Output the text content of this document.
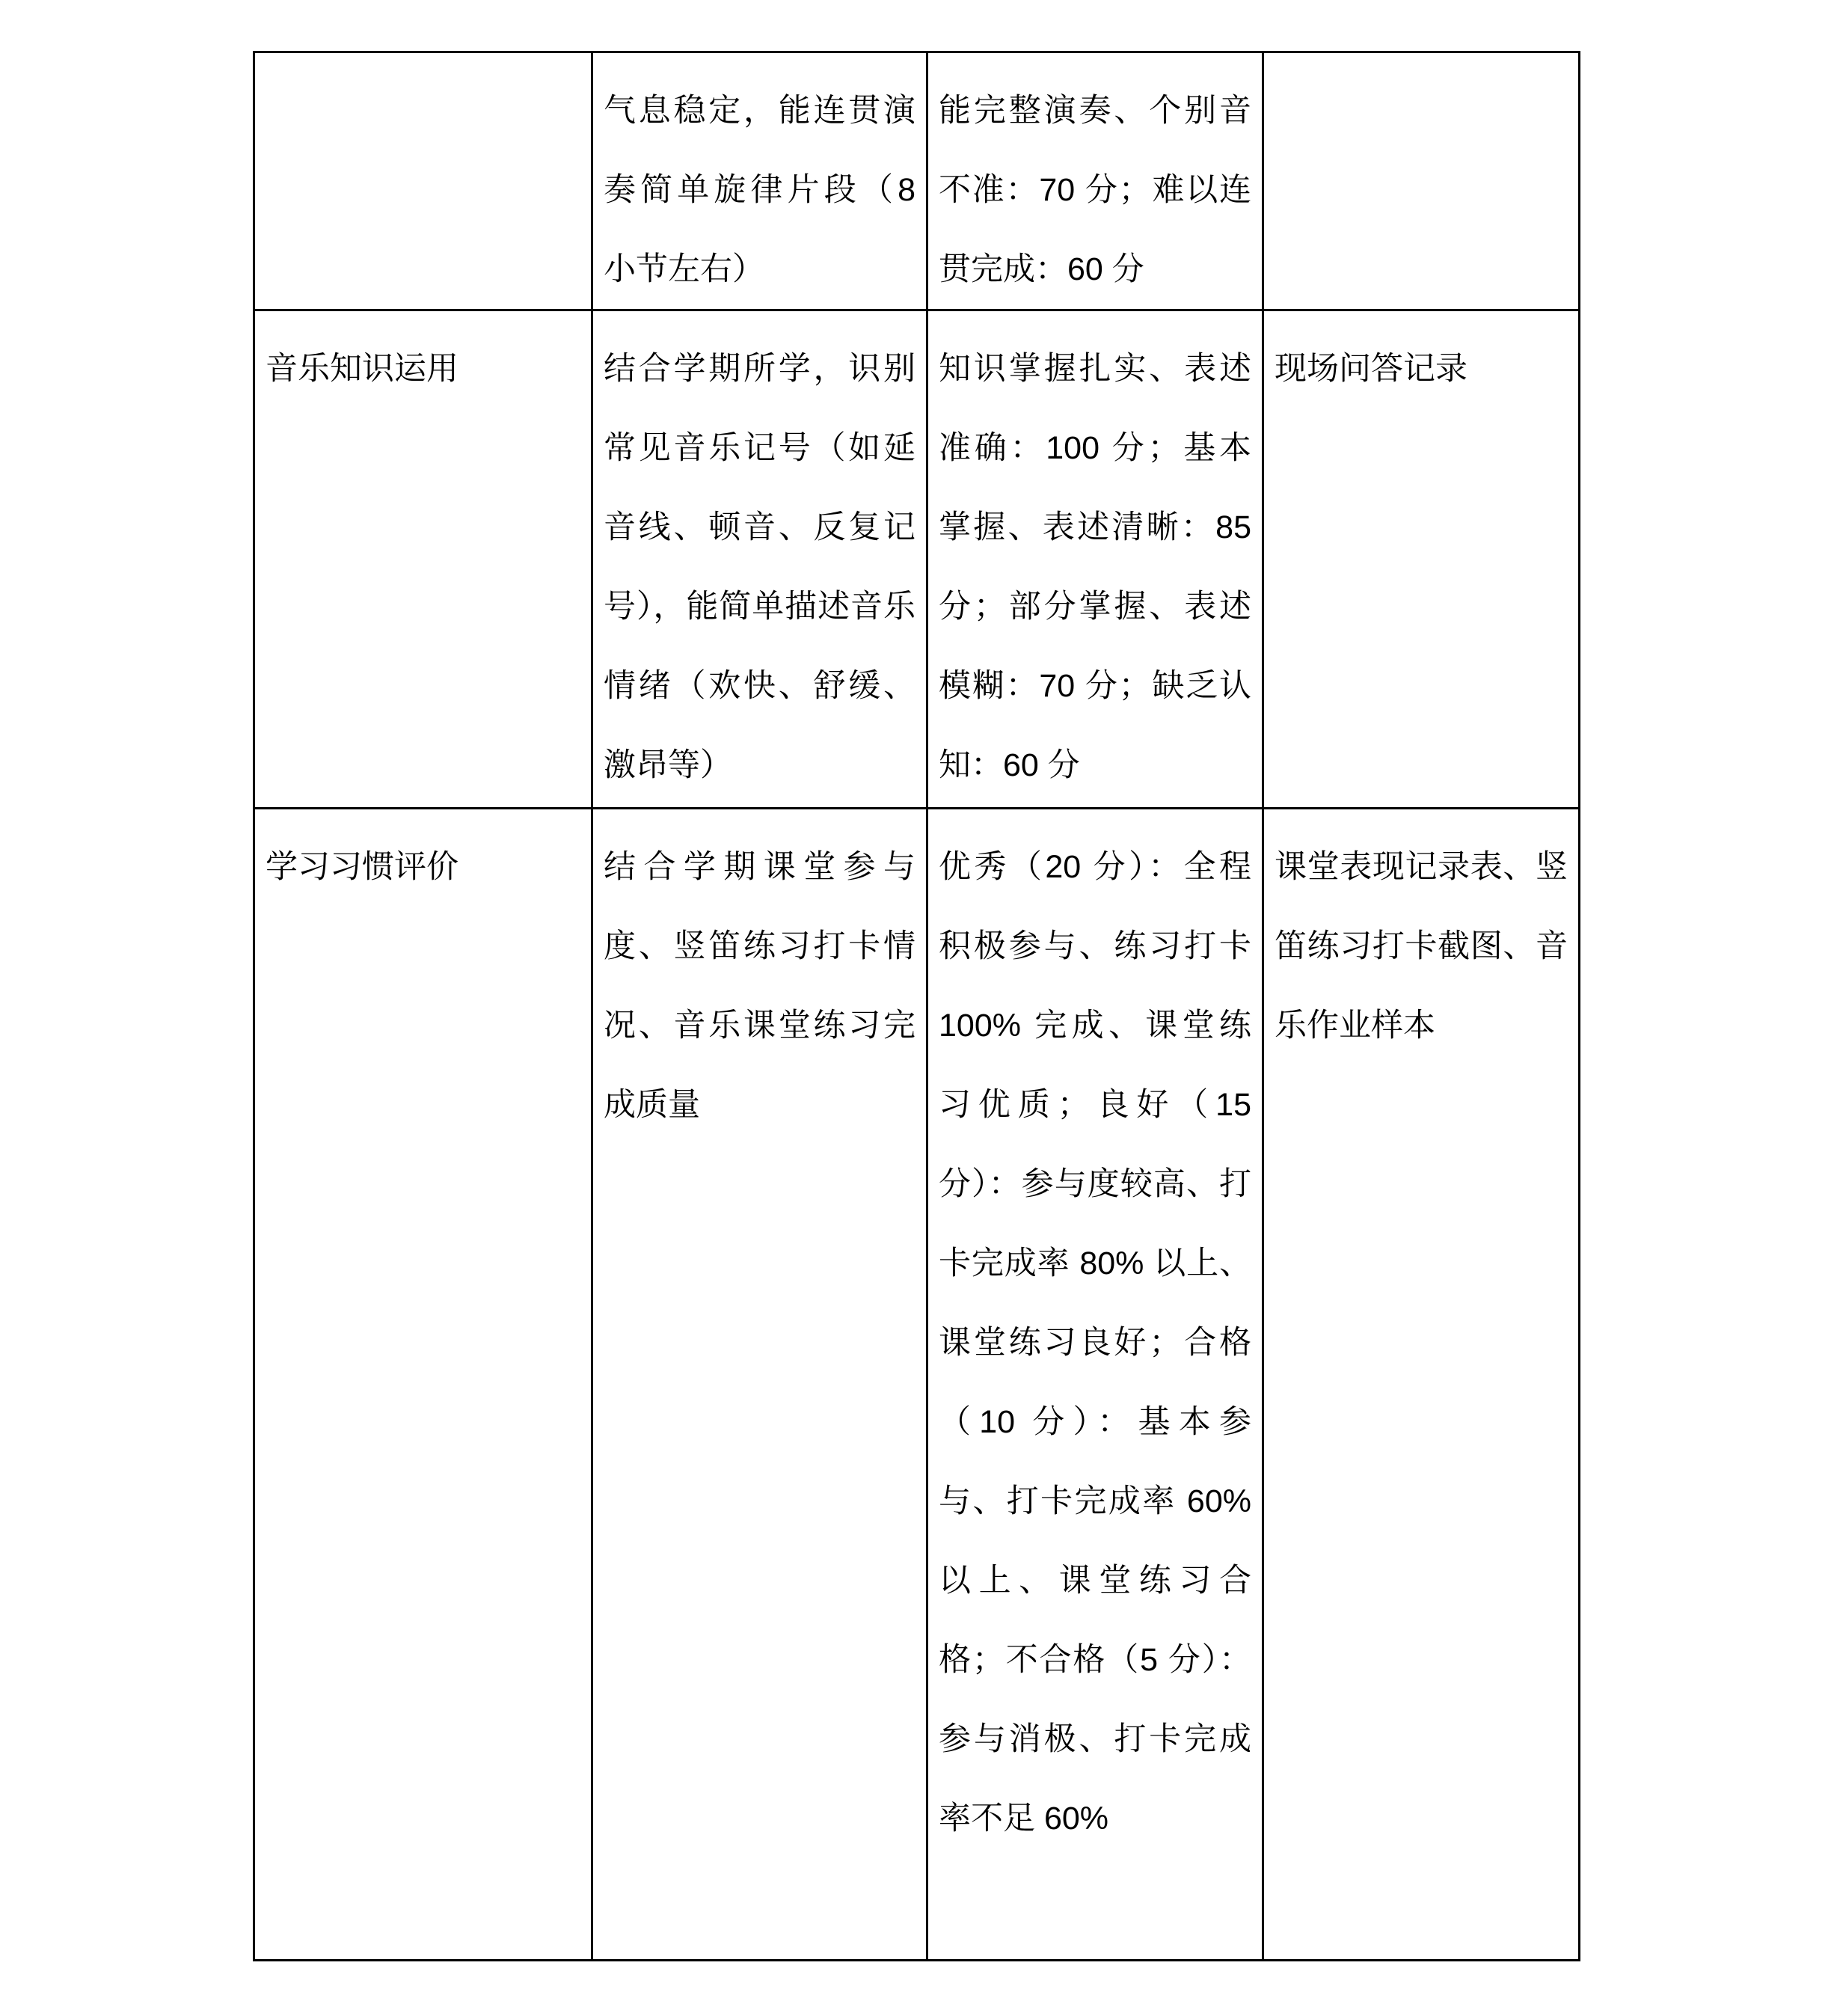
	气息稳定，能连贯演奏简单旋律片段（8 小节左右）	能完整演奏、个别音不准：70 分；难以连贯完成：60 分	
音乐知识运用	结合学期所学，识别常见音乐记号（如延音线、顿音、反复记号），能简单描述音乐情绪（欢快、舒缓、激昂等）	知识掌握扎实、表述准确：100 分；基本掌握、表述清晰：85 分；部分掌握、表述模糊：70 分；缺乏认知：60 分	现场问答记录
学习习惯评价	结合学期课堂参与度、竖笛练习打卡情况、音乐课堂练习完成质量	优秀（20 分）：全程积极参与、练习打卡 100% 完成、课堂练习优质；良好（15 分）：参与度较高、打卡完成率 80% 以上、课堂练习良好；合格（10 分）：基本参与、打卡完成率 60% 以上、课堂练习合格；不合格（5 分）：参与消极、打卡完成率不足 60%	课堂表现记录表、竖笛练习打卡截图、音乐作业样本
